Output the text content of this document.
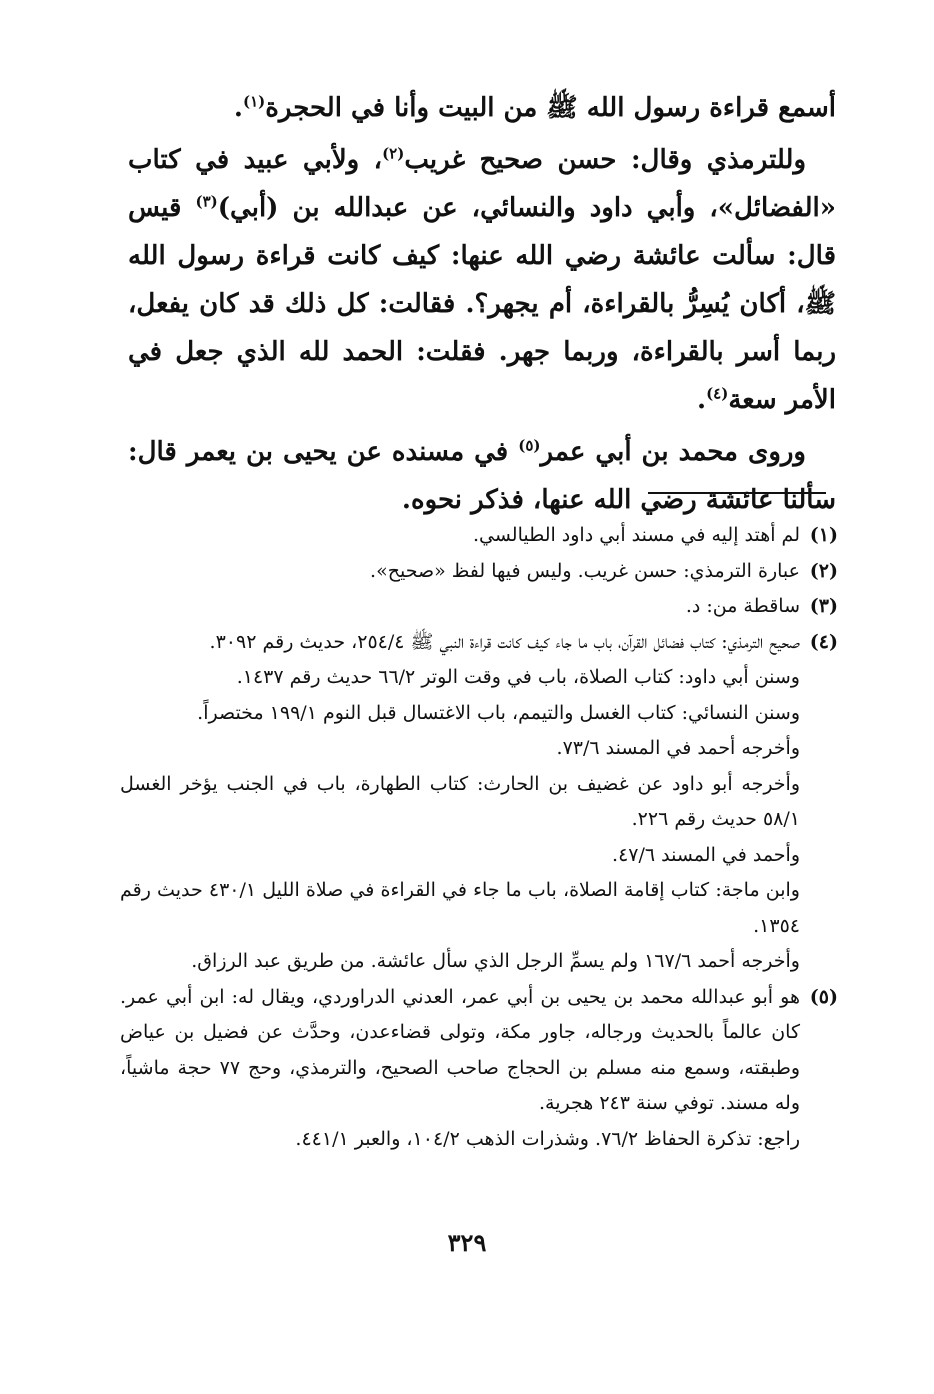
أسمع قراءة رسول الله ﷺ من البيت وأنا في الحجرة$^{(١)}$.

وللترمذي وقال: حسن صحيح غريب$^{(٢)}$، ولأبي عبيد في كتاب «الفضائل»، وأبي داود والنسائي، عن عبدالله بن (أبي)$^{(٣)}$ قيس قال: سألت عائشة رضي الله عنها: كيف كانت قراءة رسول الله ﷺ، أكان يُسِرُّ بالقراءة، أم يجهر؟. فقالت: كل ذلك قد كان يفعل، ربما أسر بالقراءة، وربما جهر. فقلت: الحمد لله الذي جعل في الأمر سعة$^{(٤)}$.

وروى محمد بن أبي عمر$^{(٥)}$ في مسنده عن يحيى بن يعمر قال: سألنا عائشة رضي الله عنها، فذكر نحوه.

(١)لم أهتد إليه في مسند أبي داود الطيالسي.

(٢)عبارة الترمذي: حسن غريب. وليس فيها لفظ «صحيح».

(٣)ساقطة من: د.

(٤)صحيح الترمذي: كتاب فضائل القرآن، باب ما جاء كيف كانت قراءة النبي ﷺ ٢٥٤/٤، حديث رقم ٣٠٩٢.

وسنن أبي داود: كتاب الصلاة، باب في وقت الوتر ٦٦/٢ حديث رقم ١٤٣٧.

وسنن النسائي: كتاب الغسل والتيمم، باب الاغتسال قبل النوم ١٩٩/١ مختصراً.

وأخرجه أحمد في المسند ٧٣/٦.

وأخرجه أبو داود عن غضيف بن الحارث: كتاب الطهارة، باب في الجنب يؤخر الغسل ٥٨/١ حديث رقم ٢٢٦.

وأحمد في المسند ٤٧/٦.

وابن ماجة: كتاب إقامة الصلاة، باب ما جاء في القراءة في صلاة الليل ٤٣٠/١ حديث رقم ١٣٥٤.

وأخرجه أحمد ١٦٧/٦ ولم يسمِّ الرجل الذي سأل عائشة. من طريق عبد الرزاق.

(٥)هو أبو عبدالله محمد بن يحيى بن أبي عمر، العدني الدراوردي، ويقال له: ابن أبي عمر. كان عالماً بالحديث ورجاله، جاور مكة، وتولى قضاءعدن، وحدَّث عن فضيل بن عياض وطبقته، وسمع منه مسلم بن الحجاج صاحب الصحيح، والترمذي، وحج ٧٧ حجة ماشياً، وله مسند. توفي سنة ٢٤٣ هجرية.

راجع: تذكرة الحفاظ ٧٦/٢. وشذرات الذهب ١٠٤/٢، والعبر ٤٤١/١.

٣٢٩
